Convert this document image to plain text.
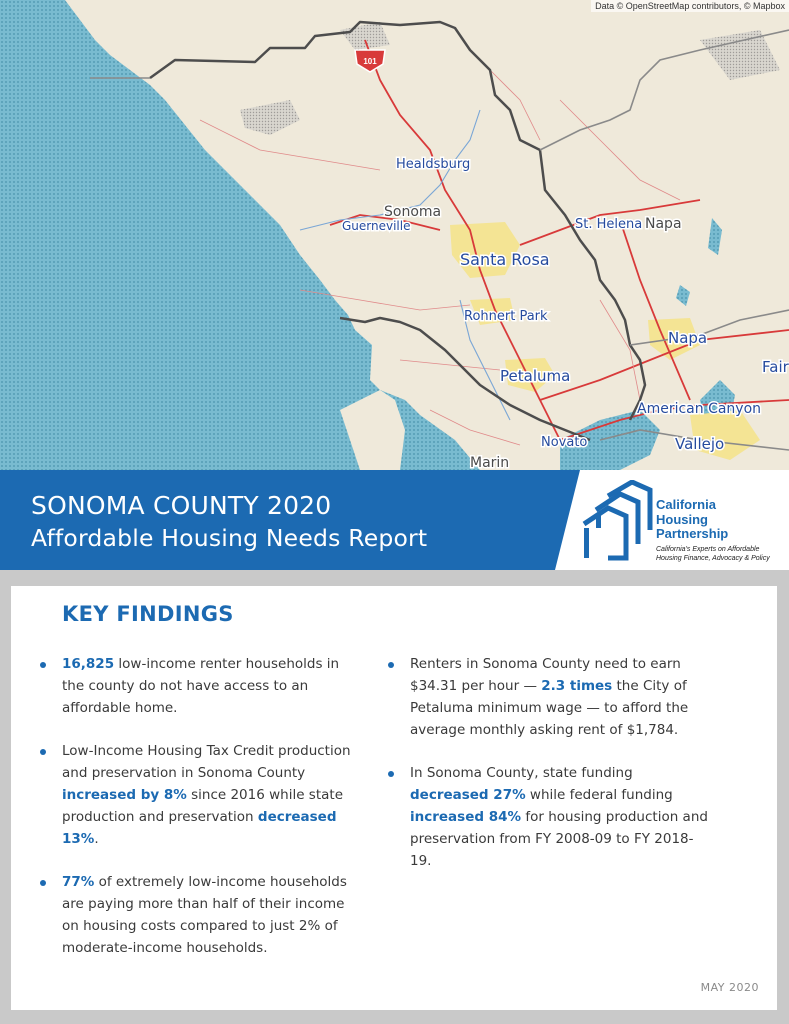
101
Healdsburg
Sonoma
Guerneville
Santa Rosa
St. Helena Napa
Rohnert Park
Napa
Fair
Petaluma
American Canyon
Novato	Vallejo
Marin
Data © OpenStreetMap contributors, © Mapbox
SONOMA COUNTY 2020
Affordable Housing Needs Report
California
Housing
Partnership
California's Experts on Affordable
Housing Finance, Advocacy & Policy
KEY FINDINGS
16,825 low-income renter households in the county do not have access to an affordable home.
Low-Income Housing Tax Credit production and preservation in Sonoma County increased by 8% since 2016 while state production and preservation decreased 13%.
77% of extremely low-income households are paying more than half of their income on housing costs compared to just 2% of moderate-income households.
Renters in Sonoma County need to earn $34.31 per hour — 2.3 times the City of Petaluma minimum wage — to afford the average monthly asking rent of $1,784.
In Sonoma County, state funding decreased 27% while federal funding increased 84% for housing production and preservation from FY 2008-09 to FY 2018-19.
MAY 2020
